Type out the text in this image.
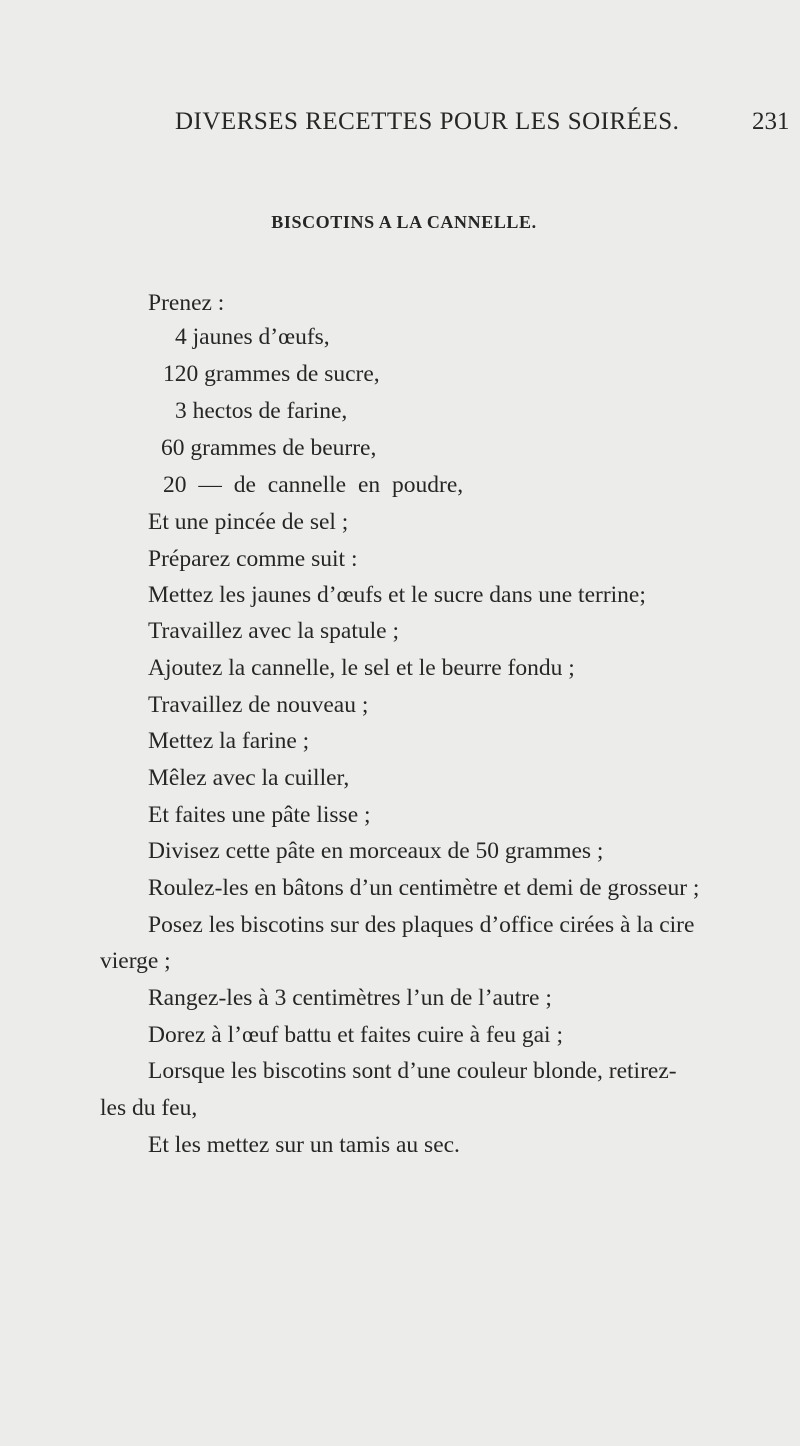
DIVERSES RECETTES POUR LES SOIRÉES.	231
BISCOTINS A LA CANNELLE.
Prenez :
4 jaunes d’œufs,
120 grammes de sucre,
3 hectos de farine,
60 grammes de beurre,
20 — de cannelle en poudre,
Et une pincée de sel ;
Préparez comme suit :
Mettez les jaunes d’œufs et le sucre dans une terrine;
Travaillez avec la spatule ;
Ajoutez la cannelle, le sel et le beurre fondu ;
Travaillez de nouveau ;
Mettez la farine ;
Mêlez avec la cuiller,
Et faites une pâte lisse ;
Divisez cette pâte en morceaux de 50 grammes ;
Roulez-les en bâtons d’un centimètre et demi de grosseur ;
Posez les biscotins sur des plaques d’office cirées à la cire
vierge ;
Rangez-les à 3 centimètres l’un de l’autre ;
Dorez à l’œuf battu et faites cuire à feu gai ;
Lorsque les biscotins sont d’une couleur blonde, retirez-
les du feu,
Et les mettez sur un tamis au sec.
